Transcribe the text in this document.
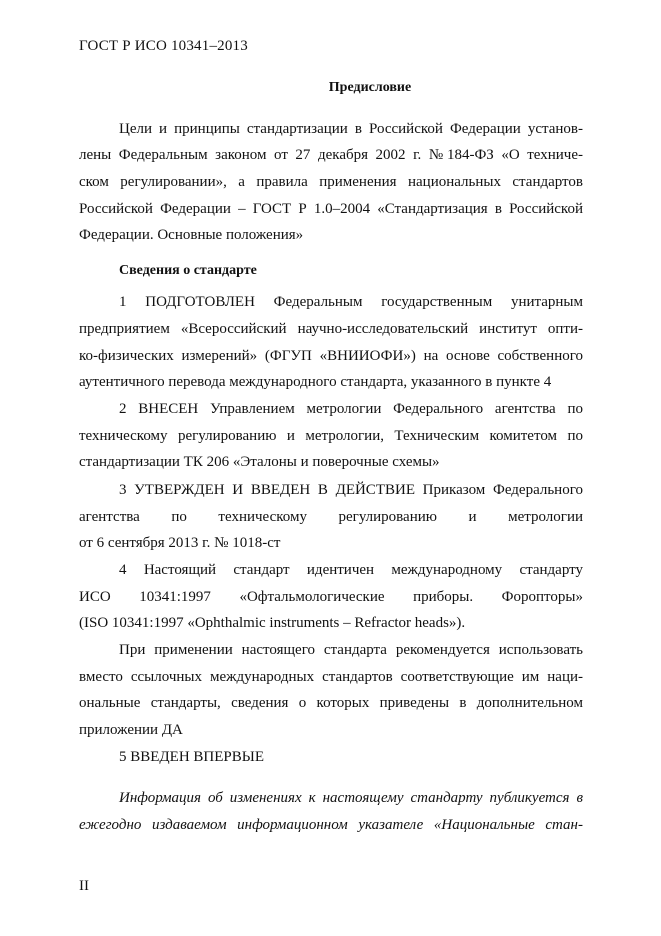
ГОСТ Р ИСО 10341–2013
Предисловие
Цели и принципы стандартизации в Российской Федерации установ-
лены Федеральным законом от 27 декабря 2002 г. №184-ФЗ «О техниче-
ском регулировании», а правила применения национальных стандартов
Российской Федерации – ГОСТ Р 1.0–2004 «Стандартизация в Российской
Федерации. Основные положения»
Сведения о стандарте
1 ПОДГОТОВЛЕН Федеральным государственным унитарным
предприятием «Всероссийский научно-исследовательский институт опти-
ко-физических измерений» (ФГУП «ВНИИОФИ») на основе собственного
аутентичного перевода международного стандарта, указанного в пункте 4
2 ВНЕСЕН Управлением метрологии Федерального агентства по
техническому регулированию и метрологии, Техническим комитетом по
стандартизации ТК 206 «Эталоны и поверочные схемы»
3 УТВЕРЖДЕН И ВВЕДЕН В ДЕЙСТВИЕ Приказом Федерального
агентства по техническому регулированию и метрологии
от 6 сентября 2013 г. № 1018-ст
4 Настоящий стандарт идентичен международному стандарту
ИСО 10341:1997 «Офтальмологические приборы. Форопторы»
(ISO 10341:1997 «Ophthalmic instruments – Refractor heads»).
При применении настоящего стандарта рекомендуется использовать
вместо ссылочных международных стандартов соответствующие им наци-
ональные стандарты, сведения о которых приведены в дополнительном
приложении ДА
5 ВВЕДЕН ВПЕРВЫЕ
Информация об изменениях к настоящему стандарту публикуется в
ежегодно издаваемом информационном указателе «Национальные стан-
II
